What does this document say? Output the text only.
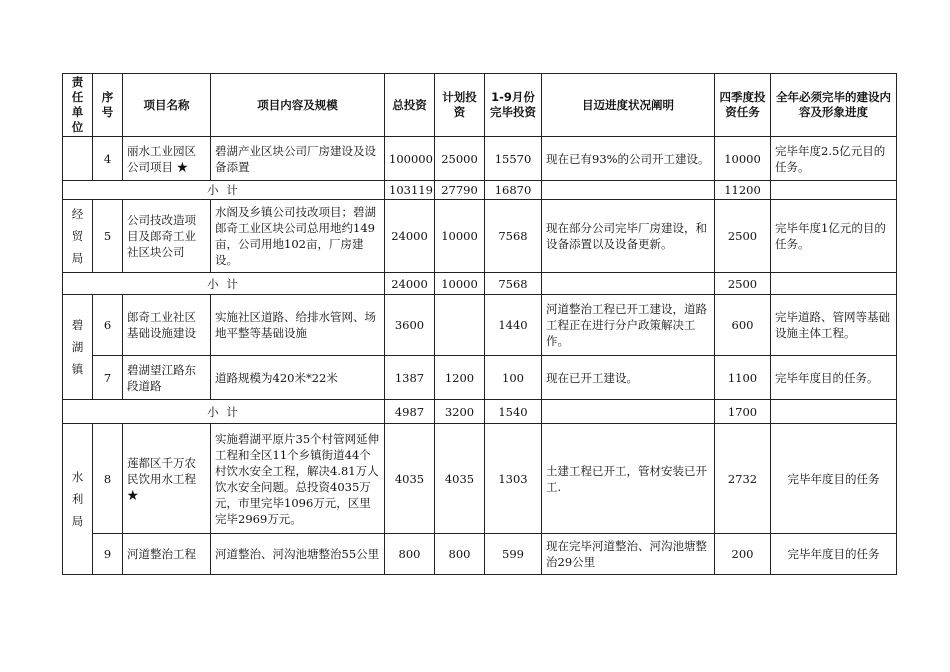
责任单位	序号	项目名称	项目内容及规模	总投资	计划投资	1-9月份完毕投资	目迈进度状况阐明	四季度投资任务	全年必须完毕的建设内容及形象进度
	4	丽水工业园区公司项目 ★	碧湖产业区块公司厂房建设及设备添置	100000	25000	15570	现在已有93%的公司开工建设。	10000	完毕年度2.5亿元目的任务。
小 计				103119	27790	16870		11200	

经
贸
局	5	公司技改造项目及郎奇工业社区块公司	水阁及乡镇公司技改项目；碧湖郎奇工业区块公司总用地约149亩，公司用地102亩，厂房建设。	24000	10000	7568	现在部分公司完毕厂房建设，和设备添置以及设备更新。	2500	完毕年度1亿元的目的任务。
小 计				24000	10000	7568		2500	

碧
湖
镇	6	郎奇工业社区基础设施建设	实施社区道路、给排水管网、场地平整等基础设施	3600		1440	河道整治工程已开工建设，道路工程正在进行分户政策解决工作。	600	完毕道路、管网等基础设施主体工程。
	7	碧湖望江路东段道路	道路规模为420米*22米	1387	1200	100	现在已开工建设。	1100	完毕年度目的任务。
小 计				4987	3200	1540		1700	

水
利
局	8	莲都区千万农民饮用水工程★	实施碧湖平原片35个村管网延伸工程和全区11个乡镇街道44个村饮水安全工程，解决4.81万人饮水安全问题。总投资4035万元，市里完毕1096万元，区里完毕2969万元。	4035	4035	1303	土建工程已开工，管材安装已开工.	2732	完毕年度目的任务
	9	河道整治工程	河道整治、河沟池塘整治55公里	800	800	599	现在完毕河道整治、河沟池塘整治29公里	200	完毕年度目的任务
